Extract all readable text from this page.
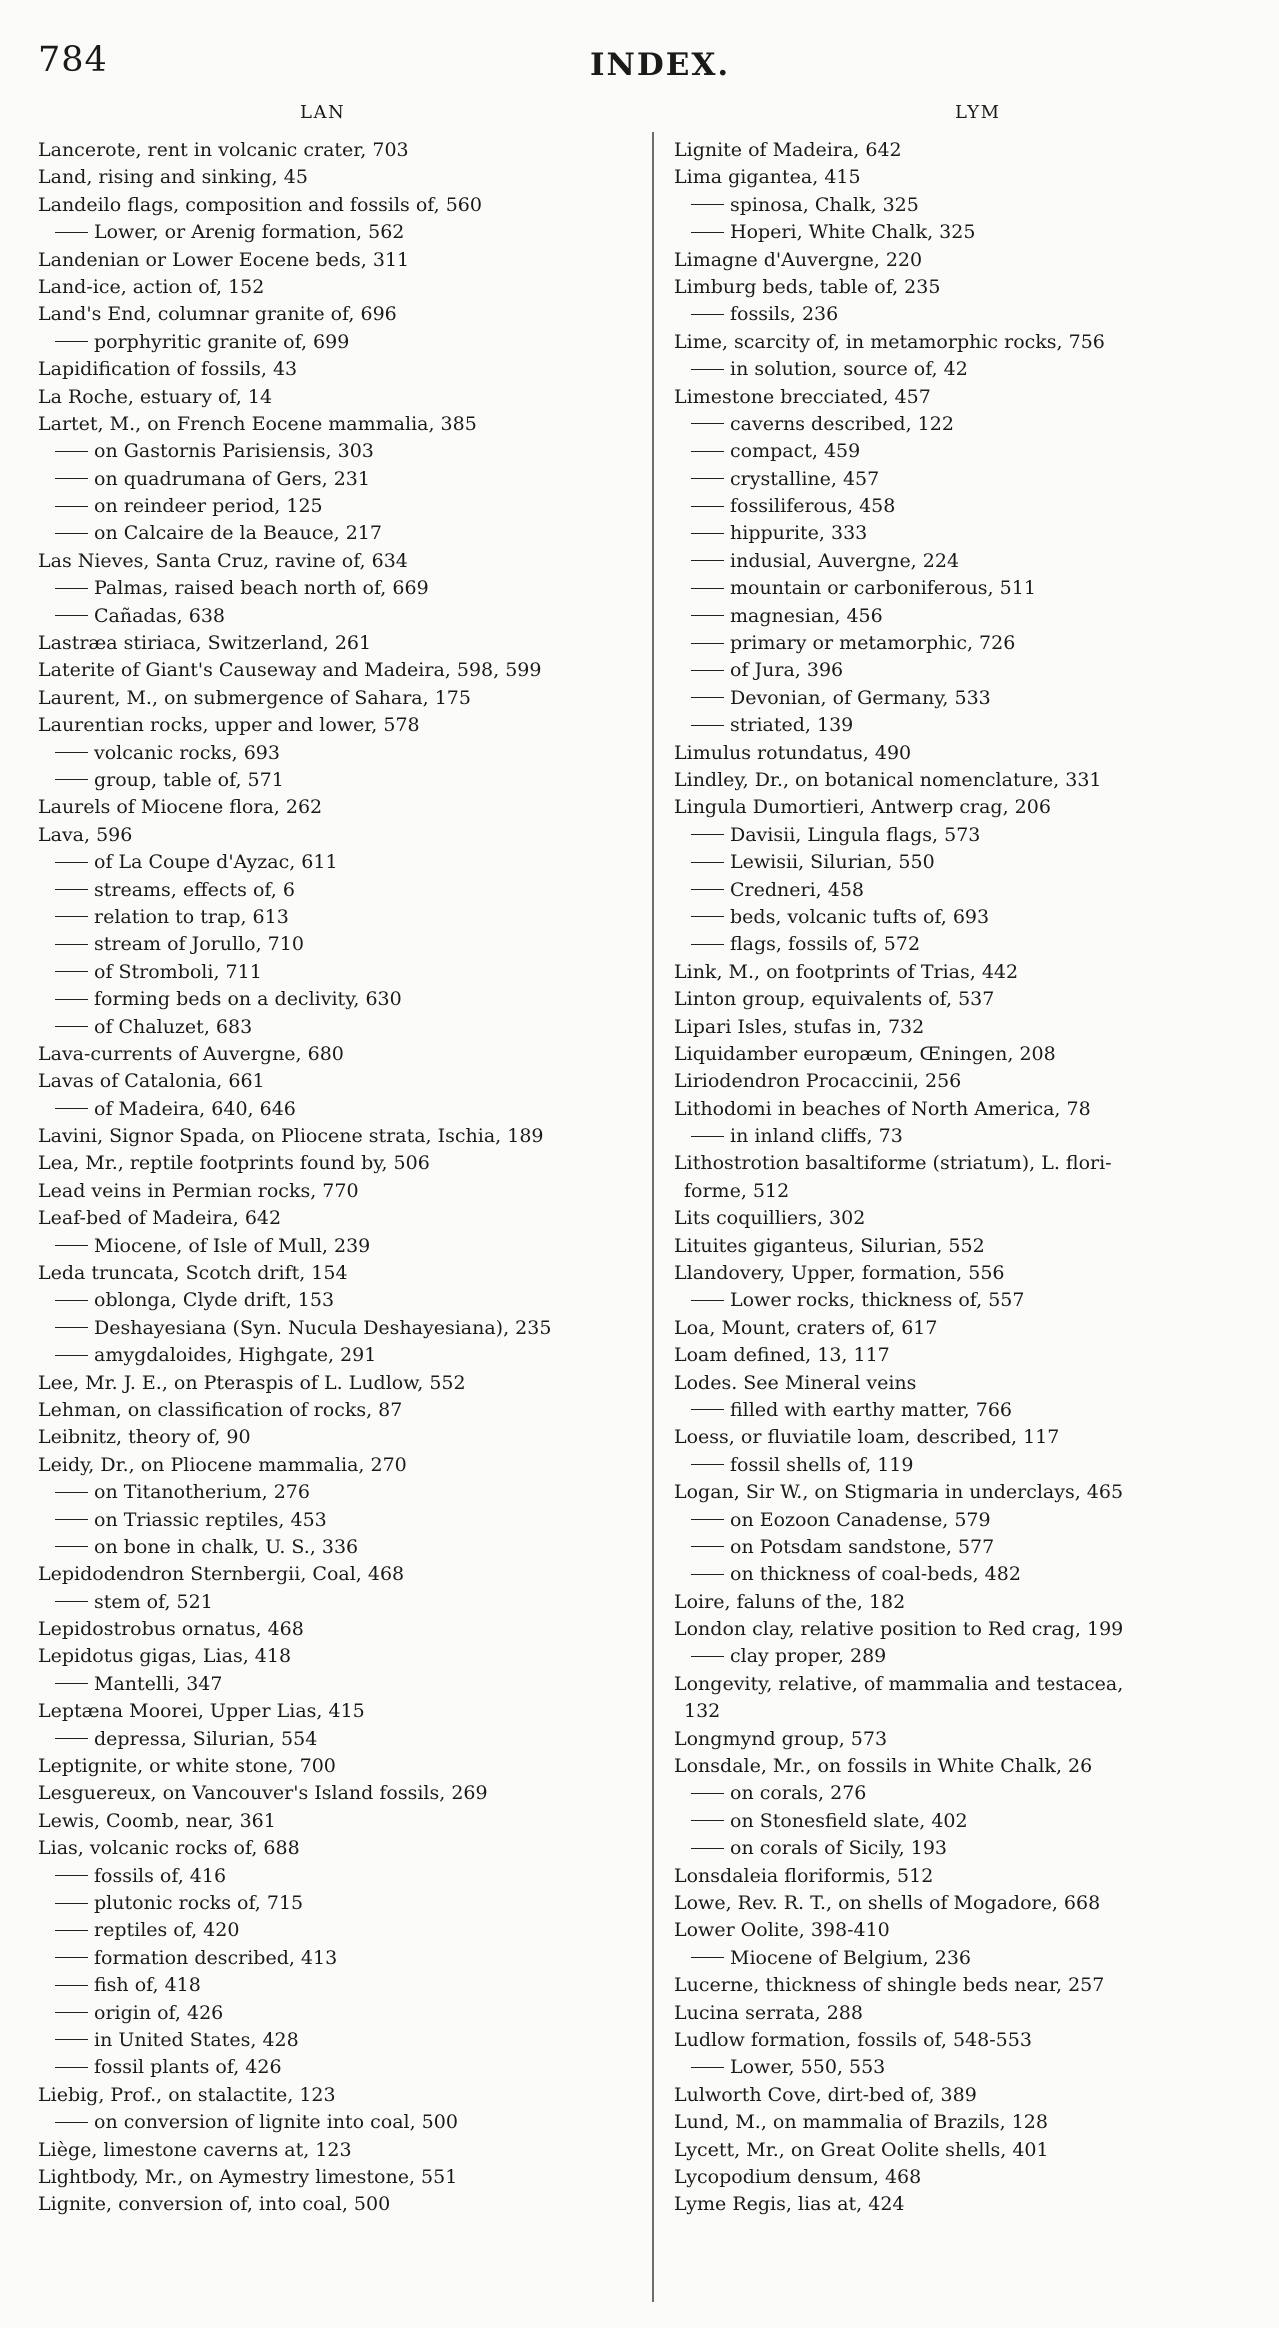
784	INDEX.
LAN	LYM
Lancerote, rent in volcanic crater, 703
Land, rising and sinking, 45
Landeilo flags, composition and fossils of, 560
Lower, or Arenig formation, 562
Landenian or Lower Eocene beds, 311
Land-ice, action of, 152
Land's End, columnar granite of, 696
porphyritic granite of, 699
Lapidification of fossils, 43
La Roche, estuary of, 14
Lartet, M., on French Eocene mammalia, 385
on Gastornis Parisiensis, 303
on quadrumana of Gers, 231
on reindeer period, 125
on Calcaire de la Beauce, 217
Las Nieves, Santa Cruz, ravine of, 634
Palmas, raised beach north of, 669
Cañadas, 638
Lastræa stiriaca, Switzerland, 261
Laterite of Giant's Causeway and Madeira, 598, 599
Laurent, M., on submergence of Sahara, 175
Laurentian rocks, upper and lower, 578
volcanic rocks, 693
group, table of, 571
Laurels of Miocene flora, 262
Lava, 596
of La Coupe d'Ayzac, 611
streams, effects of, 6
relation to trap, 613
stream of Jorullo, 710
of Stromboli, 711
forming beds on a declivity, 630
of Chaluzet, 683
Lava-currents of Auvergne, 680
Lavas of Catalonia, 661
of Madeira, 640, 646
Lavini, Signor Spada, on Pliocene strata, Ischia, 189
Lea, Mr., reptile footprints found by, 506
Lead veins in Permian rocks, 770
Leaf-bed of Madeira, 642
Miocene, of Isle of Mull, 239
Leda truncata, Scotch drift, 154
oblonga, Clyde drift, 153
Deshayesiana (Syn. Nucula Deshayesiana), 235
amygdaloides, Highgate, 291
Lee, Mr. J. E., on Pteraspis of L. Ludlow, 552
Lehman, on classification of rocks, 87
Leibnitz, theory of, 90
Leidy, Dr., on Pliocene mammalia, 270
on Titanotherium, 276
on Triassic reptiles, 453
on bone in chalk, U. S., 336
Lepidodendron Sternbergii, Coal, 468
stem of, 521
Lepidostrobus ornatus, 468
Lepidotus gigas, Lias, 418
Mantelli, 347
Leptæna Moorei, Upper Lias, 415
depressa, Silurian, 554
Leptignite, or white stone, 700
Lesguereux, on Vancouver's Island fossils, 269
Lewis, Coomb, near, 361
Lias, volcanic rocks of, 688
fossils of, 416
plutonic rocks of, 715
reptiles of, 420
formation described, 413
fish of, 418
origin of, 426
in United States, 428
fossil plants of, 426
Liebig, Prof., on stalactite, 123
on conversion of lignite into coal, 500
Liège, limestone caverns at, 123
Lightbody, Mr., on Aymestry limestone, 551
Lignite, conversion of, into coal, 500
Lignite of Madeira, 642
Lima gigantea, 415
spinosa, Chalk, 325
Hoperi, White Chalk, 325
Limagne d'Auvergne, 220
Limburg beds, table of, 235
fossils, 236
Lime, scarcity of, in metamorphic rocks, 756
in solution, source of, 42
Limestone brecciated, 457
caverns described, 122
compact, 459
crystalline, 457
fossiliferous, 458
hippurite, 333
indusial, Auvergne, 224
mountain or carboniferous, 511
magnesian, 456
primary or metamorphic, 726
of Jura, 396
Devonian, of Germany, 533
striated, 139
Limulus rotundatus, 490
Lindley, Dr., on botanical nomenclature, 331
Lingula Dumortieri, Antwerp crag, 206
Davisii, Lingula flags, 573
Lewisii, Silurian, 550
Credneri, 458
beds, volcanic tufts of, 693
flags, fossils of, 572
Link, M., on footprints of Trias, 442
Linton group, equivalents of, 537
Lipari Isles, stufas in, 732
Liquidamber europæum, Œningen, 208
Liriodendron Procaccinii, 256
Lithodomi in beaches of North America, 78
in inland cliffs, 73
Lithostrotion basaltiforme (striatum), L. flori-
forme, 512
Lits coquilliers, 302
Lituites giganteus, Silurian, 552
Llandovery, Upper, formation, 556
Lower rocks, thickness of, 557
Loa, Mount, craters of, 617
Loam defined, 13, 117
Lodes. See Mineral veins
filled with earthy matter, 766
Loess, or fluviatile loam, described, 117
fossil shells of, 119
Logan, Sir W., on Stigmaria in underclays, 465
on Eozoon Canadense, 579
on Potsdam sandstone, 577
on thickness of coal-beds, 482
Loire, faluns of the, 182
London clay, relative position to Red crag, 199
clay proper, 289
Longevity, relative, of mammalia and testacea,
132
Longmynd group, 573
Lonsdale, Mr., on fossils in White Chalk, 26
on corals, 276
on Stonesfield slate, 402
on corals of Sicily, 193
Lonsdaleia floriformis, 512
Lowe, Rev. R. T., on shells of Mogadore, 668
Lower Oolite, 398-410
Miocene of Belgium, 236
Lucerne, thickness of shingle beds near, 257
Lucina serrata, 288
Ludlow formation, fossils of, 548-553
Lower, 550, 553
Lulworth Cove, dirt-bed of, 389
Lund, M., on mammalia of Brazils, 128
Lycett, Mr., on Great Oolite shells, 401
Lycopodium densum, 468
Lyme Regis, lias at, 424
